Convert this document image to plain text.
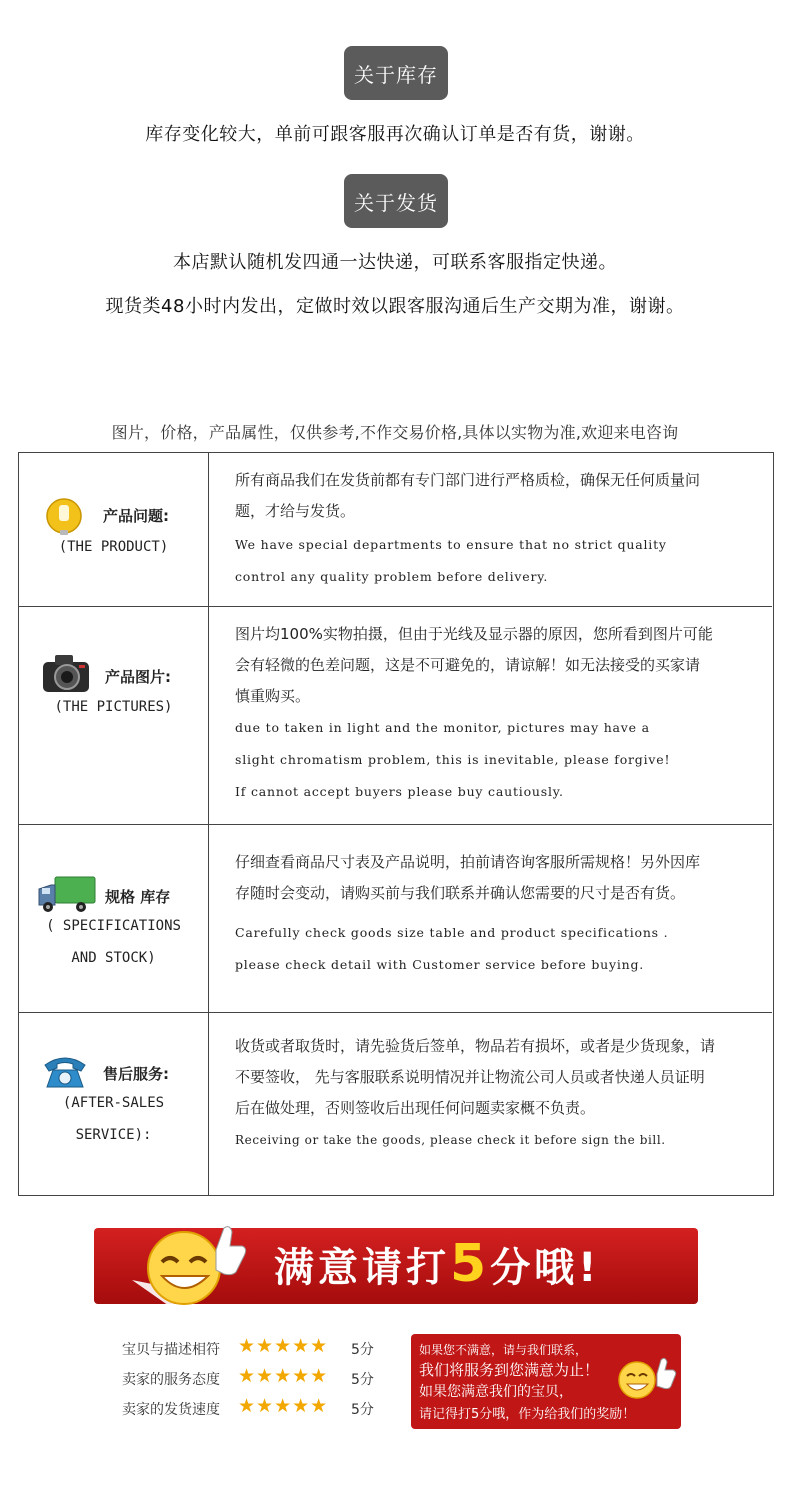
关于库存
库存变化较大，单前可跟客服再次确认订单是否有货，谢谢。
关于发货
本店默认随机发四通一达快递，可联系客服指定快递。
现货类48小时内发出，定做时效以跟客服沟通后生产交期为准，谢谢。
图片，价格，产品属性，仅供参考,不作交易价格,具体以实物为准,欢迎来电咨询
产品问题:
(THE PRODUCT)
所有商品我们在发货前都有专门部门进行严格质检，确保无任何质量问
题，才给与发货。
We have special departments to ensure that no strict quality
control any quality problem before delivery.
产品图片:
(THE PICTURES)
图片均100%实物拍摄，但由于光线及显示器的原因，您所看到图片可能
会有轻微的色差问题，这是不可避免的，请谅解！如无法接受的买家请
慎重购买。
due to taken in light and the monitor, pictures may have a
slight chromatism problem, this is inevitable, please forgive!
If cannot accept buyers please buy cautiously.
规格 库存
( SPECIFICATIONS
AND STOCK)
仔细查看商品尺寸表及产品说明，拍前请咨询客服所需规格！另外因库
存随时会变动，请购买前与我们联系并确认您需要的尺寸是否有货。
Carefully check goods size table and product specifications .
please check detail with Customer service before buying.
售后服务:
(AFTER-SALES
SERVICE):
收货或者取货时，请先验货后签单，物品若有损坏，或者是少货现象，请
不要签收， 先与客服联系说明情况并让物流公司人员或者快递人员证明
后在做处理，否则签收后出现任何问题卖家概不负责。
Receiving or take the goods, please check it before sign the bill.
满意请打5分哦!
宝贝与描述相符 ★★★★★ 5分
卖家的服务态度 ★★★★★ 5分
卖家的发货速度 ★★★★★ 5分
如果您不满意，请与我们联系，
我们将服务到您满意为止！
如果您满意我们的宝贝，
请记得打5分哦，作为给我们的奖励！
